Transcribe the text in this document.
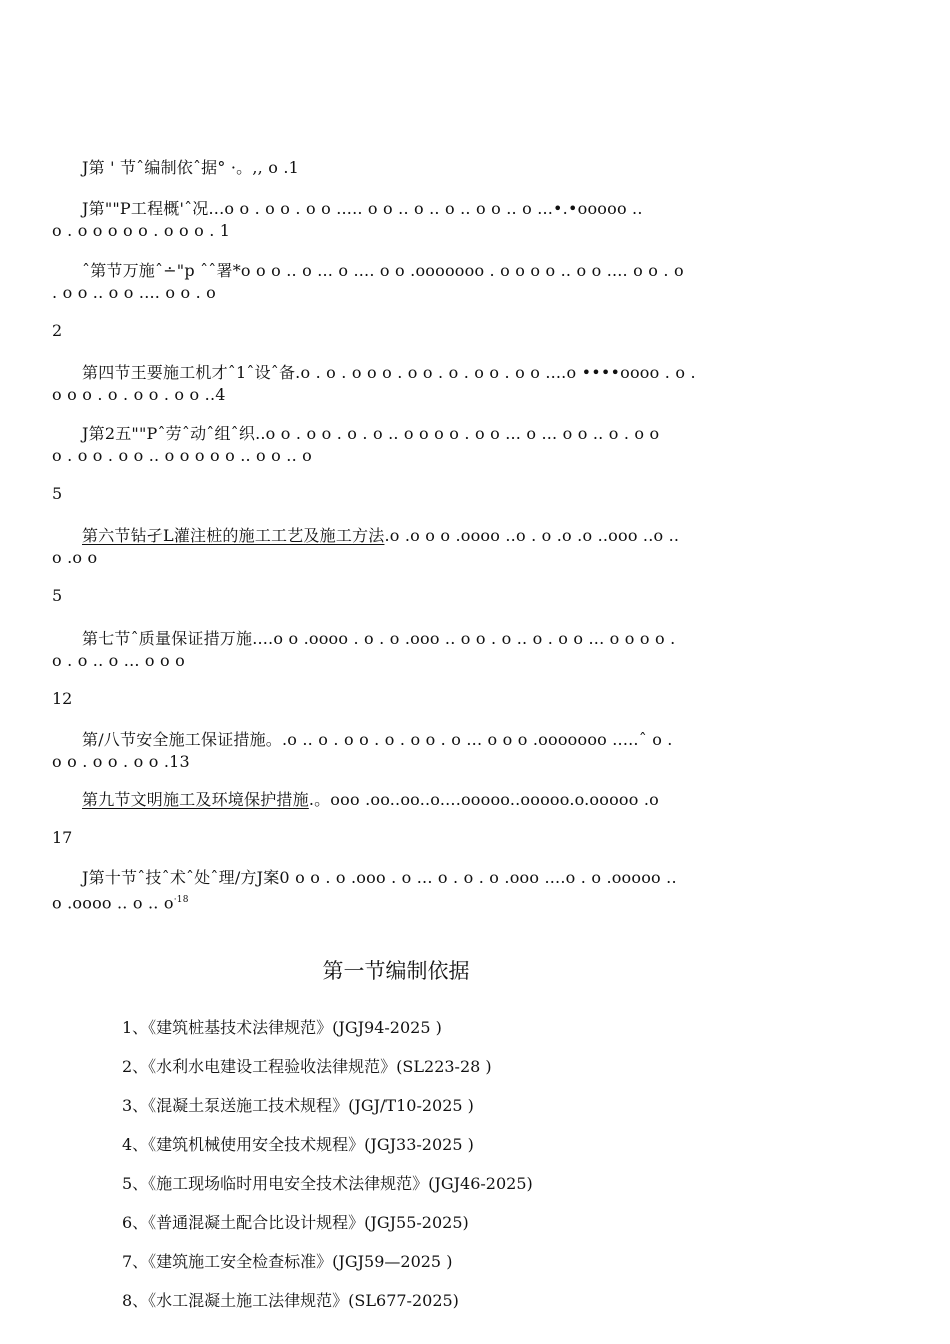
J第 ' 节ˆ编制依ˆ据° ·。,, o .1
J第""P工程概'ˆ况...o o . o o . o o ..... o o .. o .. o .. o o .. o ...•.•ooooo ..
o . o o o o o . o o o . 1
ˆ第节万施ˆ∸"p ˆˆ署*o o o .. o ... o .... o o .ooooooo . o o o o .. o o .... o o . o
. o o .. o o .... o o . o
2
第四节王要施工机才ˆ1ˆ设ˆ备.o . o . o o o . o o . o . o o . o o ....o ••••oooo . o .
o o o . o . o o . o o ..4
J第2五""Pˆ劳ˆ动ˆ组ˆ织..o o . o o . o . o .. o o o o . o o ... o ... o o .. o . o o
o . o o . o o .. o o o o o .. o o .. o
5
第六节钻孑L灌注桩的施工工艺及施工方法.o .o o o .oooo ..o . o .o .o ..ooo ..o ..
o .o o
5
第七节ˆ质量保证措万施....o o .oooo . o . o .ooo .. o o . o .. o . o o ... o o o o .
o . o .. o ... o o o
12
第/八节安全施工保证措施。.o .. o . o o . o . o o . o ... o o o .ooooooo .....ˆ o .
o o . o o . o o .13
第九节文明施工及环境保护措施.。ooo .oo..oo..o....ooooo..ooooo.o.ooooo .o
17
J第十节ˆ技ˆ术ˆ处ˆ理/方J案0 o o . o .ooo . o ... o . o . o .ooo ....o . o .ooooo ..
o .oooo .. o .. $o^{\cdot 18}$
第一节编制依据
1、《建筑桩基技术法律规范》(JGJ94-2025 )
2、《水利水电建设工程验收法律规范》(SL223-28 )
3、《混凝土泵送施工技术规程》(JGJ/T10-2025 )
4、《建筑机械使用安全技术规程》(JGJ33-2025 )
5、《施工现场临时用电安全技术法律规范》(JGJ46-2025)
6、《普通混凝土配合比设计规程》(JGJ55-2025)
7、《建筑施工安全检查标准》(JGJ59—2025 )
8、《水工混凝土施工法律规范》(SL677-2025)
